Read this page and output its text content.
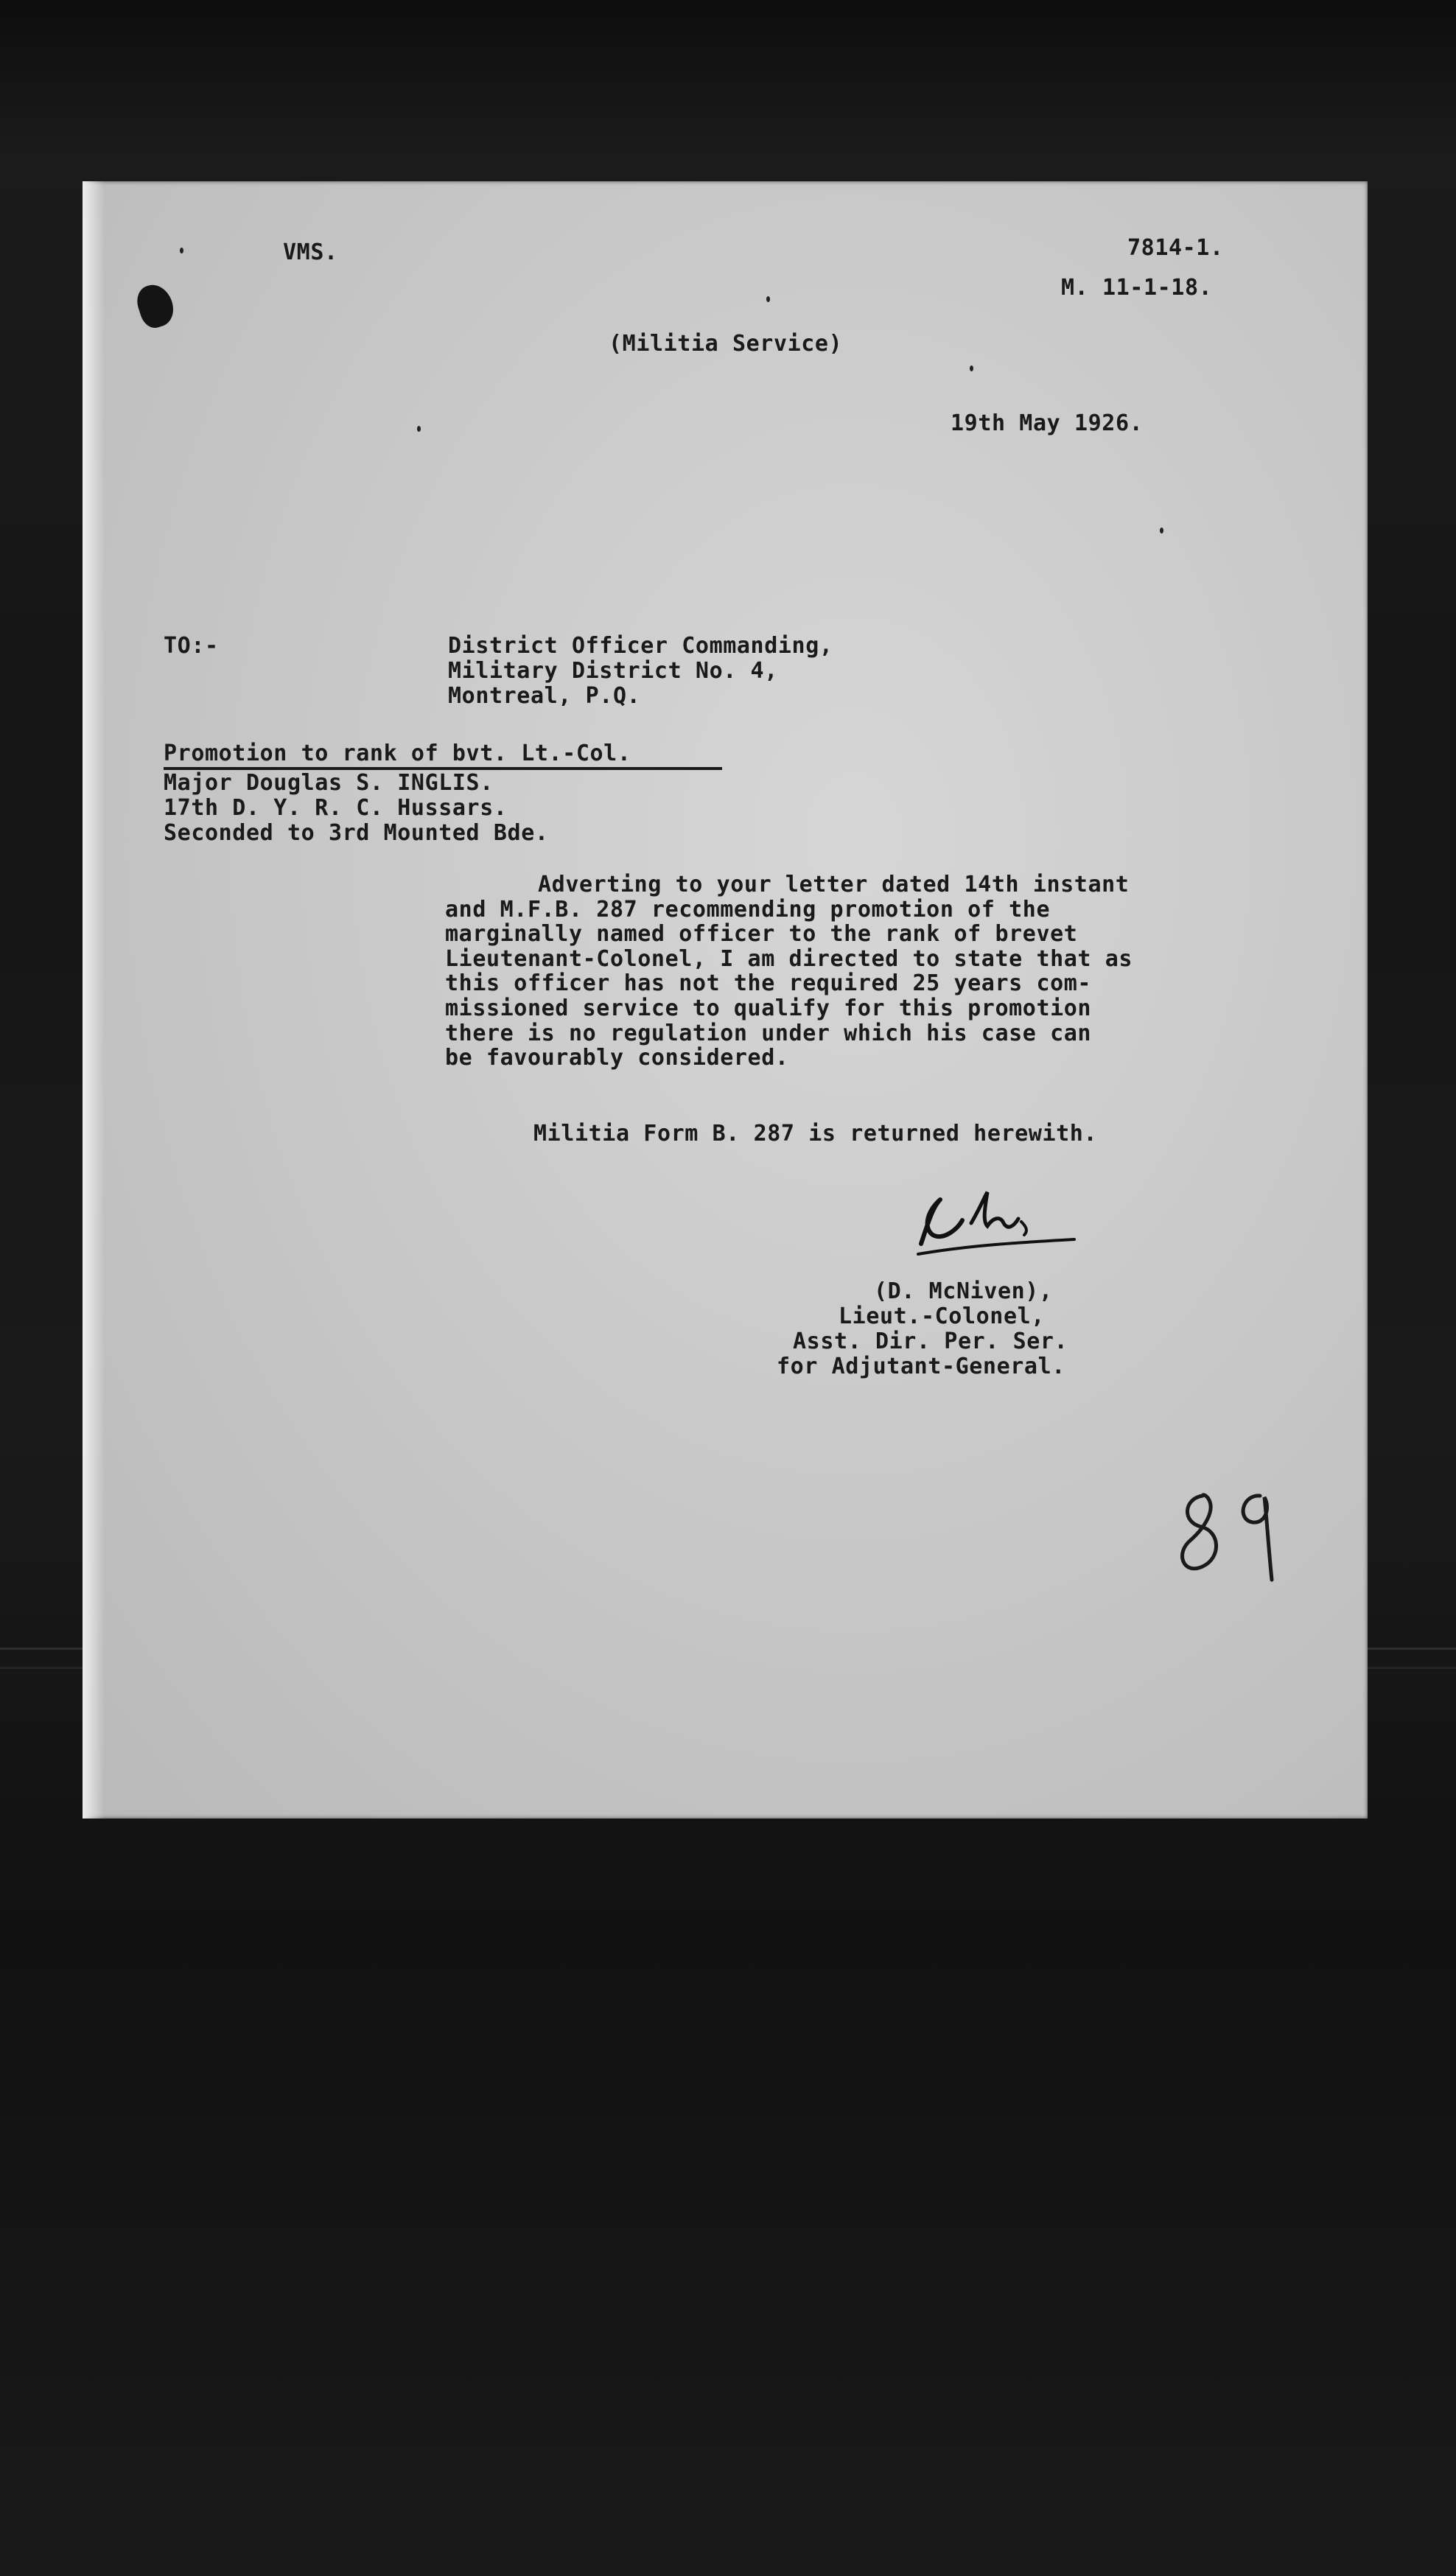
VMS.	7814-1.

M. 11-1-18.

(Militia Service)

19th May 1926.

TO:-	District Officer Commanding,

Military District No. 4,

Montreal, P.Q.

Promotion to rank of bvt. Lt.-Col.

Major Douglas S. INGLIS.

17th D. Y. R. C. Hussars.

Seconded to 3rd Mounted Bde.

Adverting to your letter dated 14th instant
and M.F.B. 287 recommending promotion of the
marginally named officer to the rank of brevet
Lieutenant-Colonel, I am directed to state that as
this officer has not the required 25 years com-
missioned service to qualify for this promotion
there is no regulation under which his case can
be favourably considered.

Militia Form B. 287 is returned herewith.

(D. McNiven),

Lieut.-Colonel,

Asst. Dir. Per. Ser.

for Adjutant-General.

89
